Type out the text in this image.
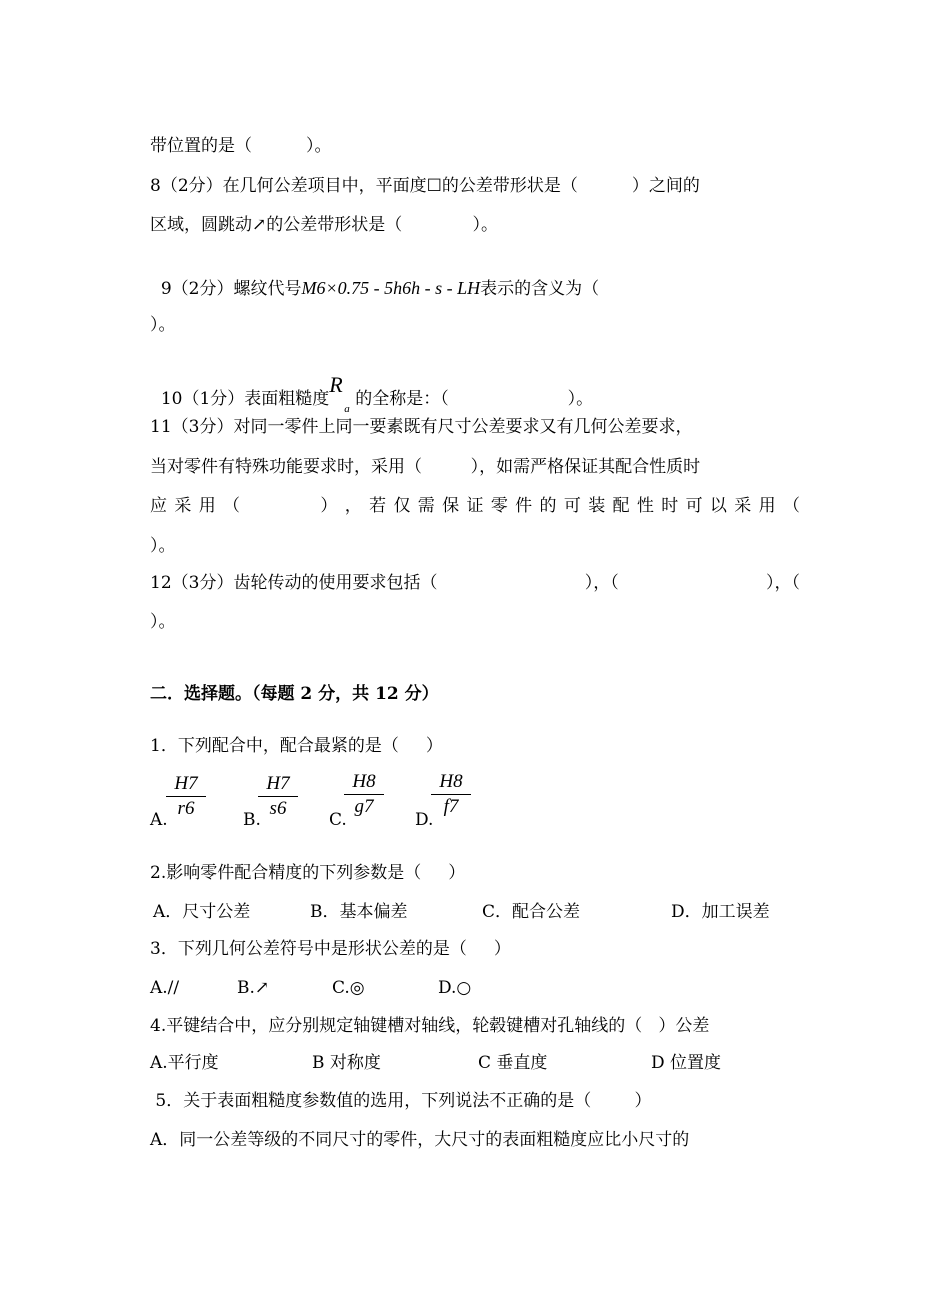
带位置的是（          ）。
8（2分）在几何公差项目中，平面度☐的公差带形状是（          ）之间的
区域，圆跳动↗的公差带形状是（             ）。

9（2分）螺纹代号M6×0.75 - 5h6h - s - LH表示的含义为（

）。

10（1分）表面粗糙度
R
a 的全称是：（                      ）。

11（3分）对同一零件上同一要素既有尺寸公差要求又有几何公差要求，
当对零件有特殊功能要求时，采用（         ），如需严格保证其配合性质时
应 采 用 （

　	） ， 若 仅 需 保 证 零 件 的 可 装 配 性 时 可 以 采 用 （
）。
12（3分）齿轮传动的使用要求包括（
　　　　　	），（
　　　　　	），（
）。
二．选择题。（每题 2 分，共 12 分）
1．下列配合中，配合最紧的是（     ）
A.
$\frac{H7}{r6} B$.
$\frac{H7}{s6} C$.
$\frac{H8}{g7}$
D.
$\frac{H8}{f7}$
2.影响零件配合精度的下列参数是（     ）
A．尺寸公差	B．基本偏差	C．配合公差	D．加工误差
3．下列几何公差符号中是形状公差的是（     ）
A.//	B.↗	C.◎	D.○
4.平键结合中，应分别规定轴键槽对轴线，轮毂键槽对孔轴线的（   ）公差
A.平行度	B 对称度	C 垂直度	D 位置度
5．关于表面粗糙度参数值的选用，下列说法不正确的是（        ）
A．同一公差等级的不同尺寸的零件，大尺寸的表面粗糙度应比小尺寸的
